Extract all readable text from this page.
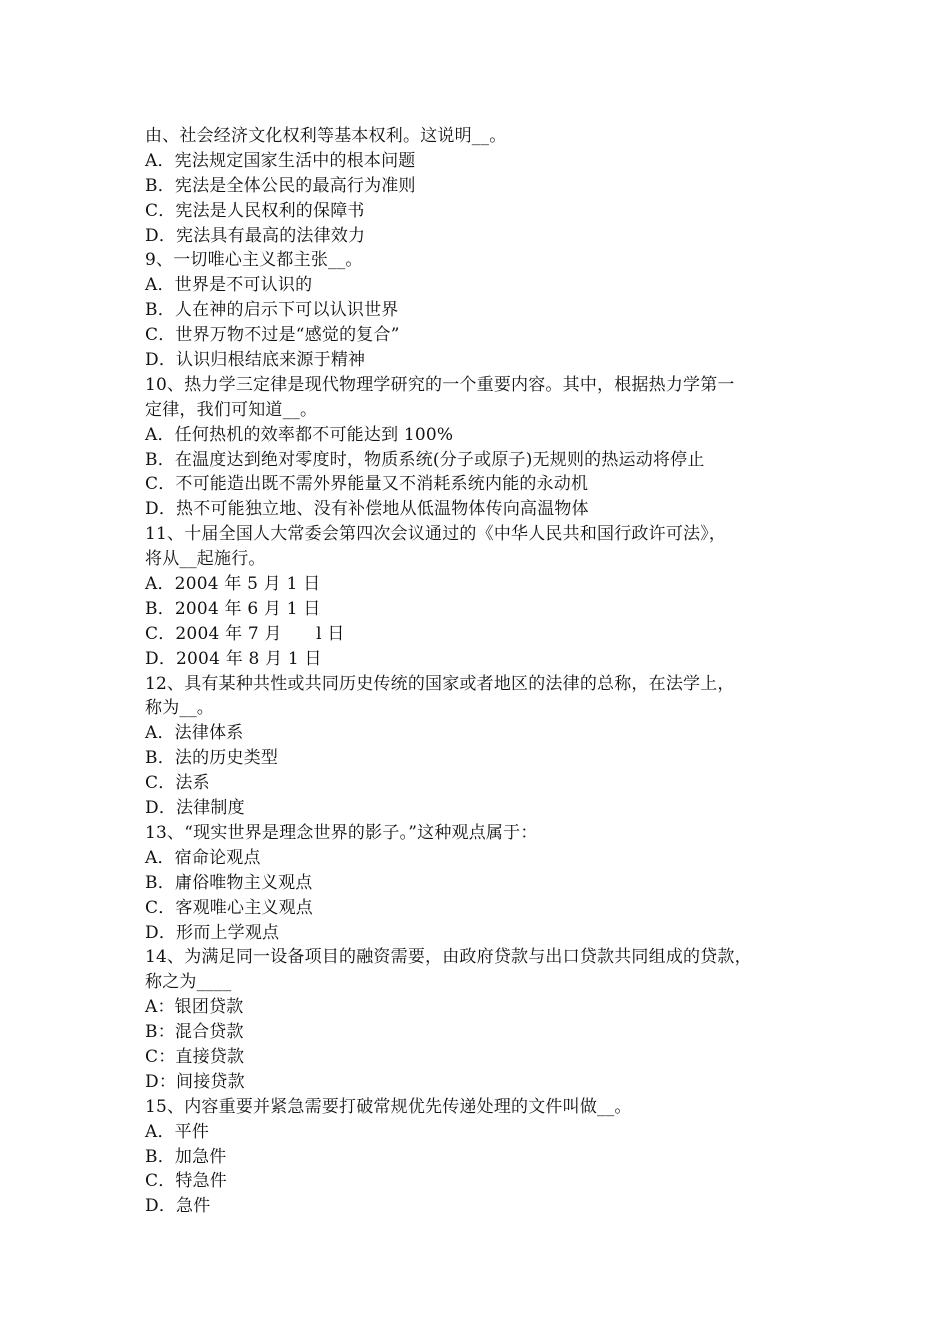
由、社会经济文化权利等基本权利。这说明__。
A．宪法规定国家生活中的根本问题
B．宪法是全体公民的最高行为准则
C．宪法是人民权利的保障书
D．宪法具有最高的法律效力
9、一切唯心主义都主张__。
A．世界是不可认识的
B．人在神的启示下可以认识世界
C．世界万物不过是“感觉的复合”
D．认识归根结底来源于精神
10、热力学三定律是现代物理学研究的一个重要内容。其中，根据热力学第一
定律，我们可知道__。
A．任何热机的效率都不可能达到 100%
B．在温度达到绝对零度时，物质系统(分子或原子)无规则的热运动将停止
C．不可能造出既不需外界能量又不消耗系统内能的永动机
D．热不可能独立地、没有补偿地从低温物体传向高温物体
11、十届全国人大常委会第四次会议通过的《中华人民共和国行政许可法》，
将从__起施行。
A．2004 年 5 月 1 日
B．2004 年 6 月 1 日
C．2004 年 7 月　　l 日
D．2004 年 8 月 1 日
12、具有某种共性或共同历史传统的国家或者地区的法律的总称，在法学上，
称为__。
A．法律体系
B．法的历史类型
C．法系
D．法律制度
13、“现实世界是理念世界的影子。”这种观点属于：
A．宿命论观点
B．庸俗唯物主义观点
C．客观唯心主义观点
D．形而上学观点
14、为满足同一设备项目的融资需要，由政府贷款与出口贷款共同组成的贷款，
称之为____
A：银团贷款
B：混合贷款
C：直接贷款
D：间接贷款
15、内容重要并紧急需要打破常规优先传递处理的文件叫做__。
A．平件
B．加急件
C．特急件
D．急件
